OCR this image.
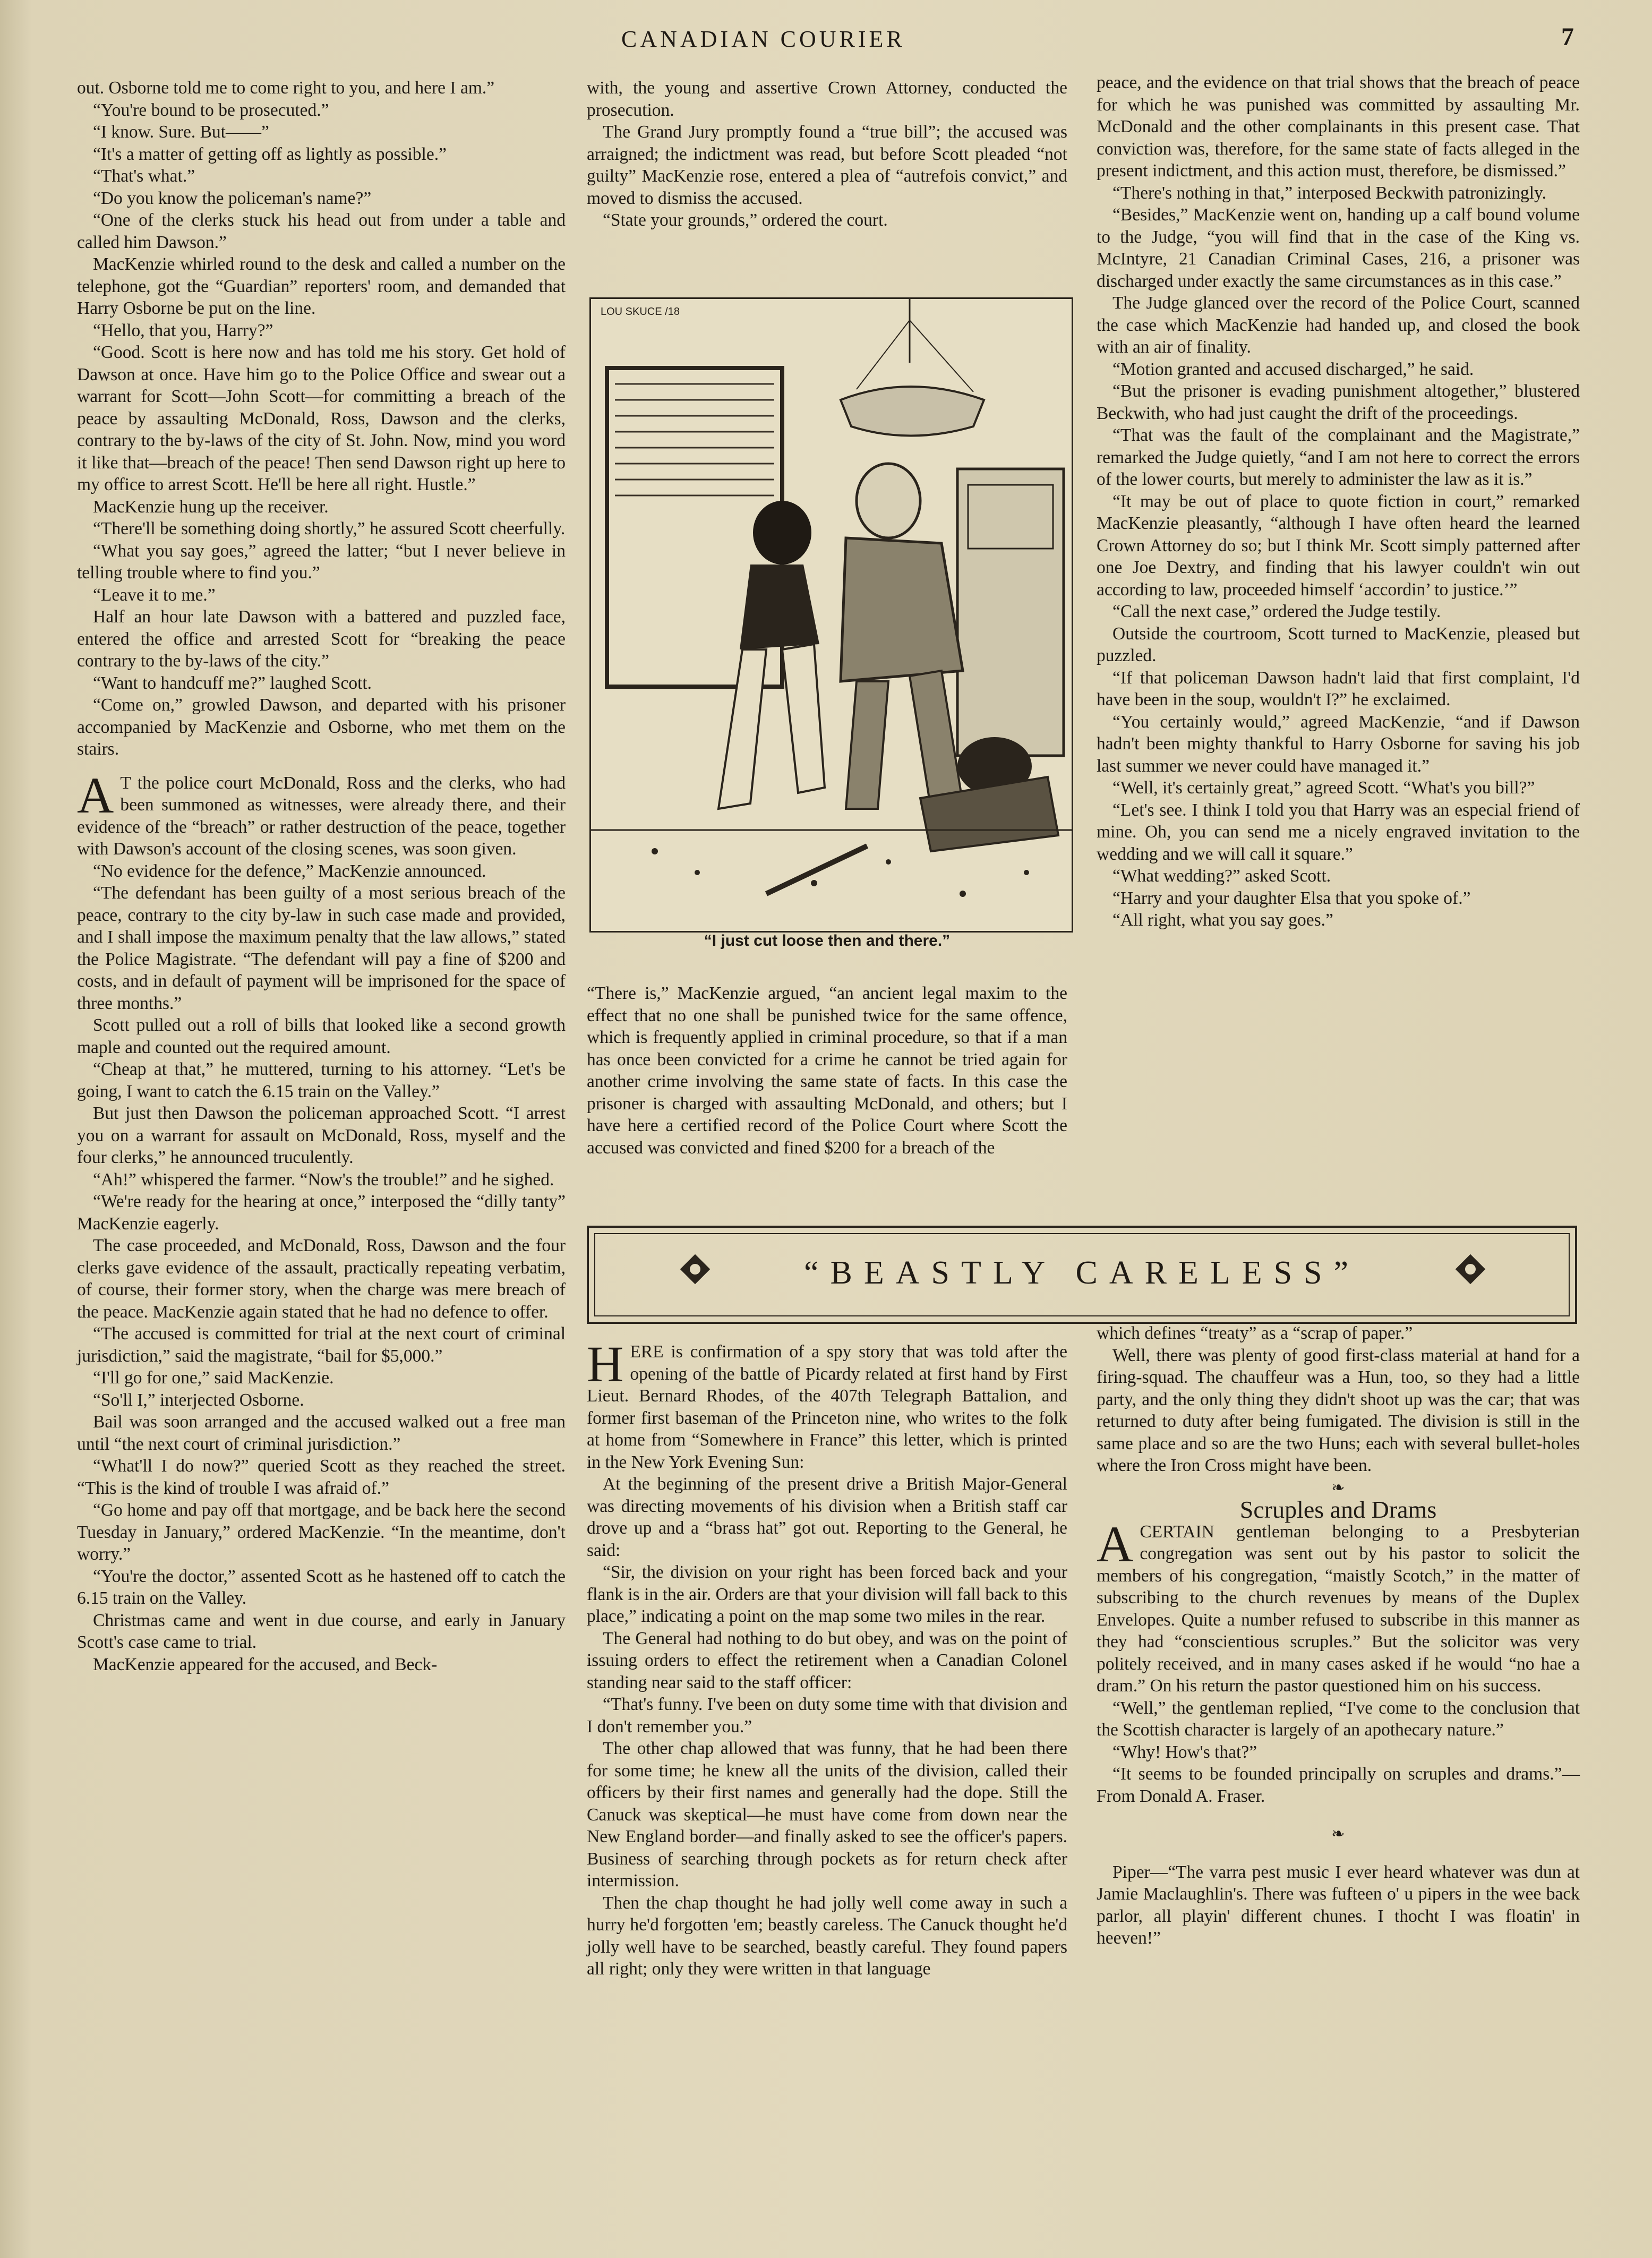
CANADIAN COURIER	7

out. Osborne told me to come right to you, and here I am.”

“You're bound to be prosecuted.”

“I know. Sure. But——”

“It's a matter of getting off as lightly as possible.”

“That's what.”

“Do you know the policeman's name?”

“One of the clerks stuck his head out from under a table and called him Dawson.”

MacKenzie whirled round to the desk and called a number on the telephone, got the “Guardian” reporters' room, and demanded that Harry Osborne be put on the line.

“Hello, that you, Harry?”

“Good. Scott is here now and has told me his story. Get hold of Dawson at once. Have him go to the Police Office and swear out a warrant for Scott—John Scott—for committing a breach of the peace by assaulting McDonald, Ross, Dawson and the clerks, contrary to the by-laws of the city of St. John. Now, mind you word it like that—breach of the peace! Then send Dawson right up here to my office to arrest Scott. He'll be here all right. Hustle.”

MacKenzie hung up the receiver.

“There'll be something doing shortly,” he assured Scott cheerfully.

“What you say goes,” agreed the latter; “but I never believe in telling trouble where to find you.”

“Leave it to me.”

Half an hour late Dawson with a battered and puzzled face, entered the office and arrested Scott for “breaking the peace contrary to the by-laws of the city.”

“Want to handcuff me?” laughed Scott.

“Come on,” growled Dawson, and departed with his prisoner accompanied by MacKenzie and Osborne, who met them on the stairs.

A T the police court McDonald, Ross and the clerks, who had been summoned as witnesses, were already there, and their evidence of the “breach” or rather destruction of the peace, together with Dawson's account of the closing scenes, was soon given.

“No evidence for the defence,” MacKenzie announced.

“The defendant has been guilty of a most serious breach of the peace, contrary to the city by-law in such case made and provided, and I shall impose the maximum penalty that the law allows,” stated the Police Magistrate. “The defendant will pay a fine of $200 and costs, and in default of payment will be imprisoned for the space of three months.”

Scott pulled out a roll of bills that looked like a second growth maple and counted out the required amount.

“Cheap at that,” he muttered, turning to his attorney. “Let's be going, I want to catch the 6.15 train on the Valley.”

But just then Dawson the policeman approached Scott. “I arrest you on a warrant for assault on McDonald, Ross, myself and the four clerks,” he announced truculently.

“Ah!” whispered the farmer. “Now's the trouble!” and he sighed.

“We're ready for the hearing at once,” interposed the “dilly tanty” MacKenzie eagerly.

The case proceeded, and McDonald, Ross, Dawson and the four clerks gave evidence of the assault, practically repeating verbatim, of course, their former story, when the charge was mere breach of the peace. MacKenzie again stated that he had no defence to offer.

“The accused is committed for trial at the next court of criminal jurisdiction,” said the magistrate, “bail for $5,000.”

“I'll go for one,” said MacKenzie.

“So'll I,” interjected Osborne.

Bail was soon arranged and the accused walked out a free man until “the next court of criminal jurisdiction.”

“What'll I do now?” queried Scott as they reached the street. “This is the kind of trouble I was afraid of.”

“Go home and pay off that mortgage, and be back here the second Tuesday in January,” ordered MacKenzie. “In the meantime, don't worry.”

“You're the doctor,” assented Scott as he hastened off to catch the 6.15 train on the Valley.

Christmas came and went in due course, and early in January Scott's case came to trial.

MacKenzie appeared for the accused, and Beck-

with, the young and assertive Crown Attorney, conducted the prosecution.

The Grand Jury promptly found a “true bill”; the accused was arraigned; the indictment was read, but before Scott pleaded “not guilty” MacKenzie rose, entered a plea of “autrefois convict,” and moved to dismiss the accused.

“State your grounds,” ordered the court.

LOU SKUCE /18
“I just cut loose then and there.”

“There is,” MacKenzie argued, “an ancient legal maxim to the effect that no one shall be punished twice for the same offence, which is frequently applied in criminal procedure, so that if a man has once been convicted for a crime he cannot be tried again for another crime involving the same state of facts. In this case the prisoner is charged with assaulting McDonald, and others; but I have here a certified record of the Police Court where Scott the accused was convicted and fined $200 for a breach of the

peace, and the evidence on that trial shows that the breach of peace for which he was punished was committed by assaulting Mr. McDonald and the other complainants in this present case. That conviction was, therefore, for the same state of facts alleged in the present indictment, and this action must, therefore, be dismissed.”

“There's nothing in that,” interposed Beckwith patronizingly.

“Besides,” MacKenzie went on, handing up a calf bound volume to the Judge, “you will find that in the case of the King vs. McIntyre, 21 Canadian Criminal Cases, 216, a prisoner was discharged under exactly the same circumstances as in this case.”

The Judge glanced over the record of the Police Court, scanned the case which MacKenzie had handed up, and closed the book with an air of finality.

“Motion granted and accused discharged,” he said.

“But the prisoner is evading punishment altogether,” blustered Beckwith, who had just caught the drift of the proceedings.

“That was the fault of the complainant and the Magistrate,” remarked the Judge quietly, “and I am not here to correct the errors of the lower courts, but merely to administer the law as it is.”

“It may be out of place to quote fiction in court,” remarked MacKenzie pleasantly, “although I have often heard the learned Crown Attorney do so; but I think Mr. Scott simply patterned after one Joe Dextry, and finding that his lawyer couldn't win out according to law, proceeded himself ‘accordin’ to justice.’”

“Call the next case,” ordered the Judge testily.

Outside the courtroom, Scott turned to MacKenzie, pleased but puzzled.

“If that policeman Dawson hadn't laid that first complaint, I'd have been in the soup, wouldn't I?” he exclaimed.

“You certainly would,” agreed MacKenzie, “and if Dawson hadn't been mighty thankful to Harry Osborne for saving his job last summer we never could have managed it.”

“Well, it's certainly great,” agreed Scott. “What's you bill?”

“Let's see. I think I told you that Harry was an especial friend of mine. Oh, you can send me a nicely engraved invitation to the wedding and we will call it square.”

“What wedding?” asked Scott.

“Harry and your daughter Elsa that you spoke of.”

“All right, what you say goes.”

“BEASTLY CARELESS”

HERE is confirmation of a spy story that was told after the opening of the battle of Picardy related at first hand by First Lieut. Bernard Rhodes, of the 407th Telegraph Battalion, and former first baseman of the Princeton nine, who writes to the folk at home from “Somewhere in France” this letter, which is printed in the New York Evening Sun:

At the beginning of the present drive a British Major-General was directing movements of his division when a British staff car drove up and a “brass hat” got out. Reporting to the General, he said:

“Sir, the division on your right has been forced back and your flank is in the air. Orders are that your division will fall back to this place,” indicating a point on the map some two miles in the rear.

The General had nothing to do but obey, and was on the point of issuing orders to effect the retirement when a Canadian Colonel standing near said to the staff officer:

“That's funny. I've been on duty some time with that division and I don't remember you.”

The other chap allowed that was funny, that he had been there for some time; he knew all the units of the division, called their officers by their first names and generally had the dope. Still the Canuck was skeptical—he must have come from down near the New England border—and finally asked to see the officer's papers. Business of searching through pockets as for return check after intermission.

Then the chap thought he had jolly well come away in such a hurry he'd forgotten 'em; beastly careless. The Canuck thought he'd jolly well have to be searched, beastly careful. They found papers all right; only they were written in that language

which defines “treaty” as a “scrap of paper.”

Well, there was plenty of good first-class material at hand for a firing-squad. The chauffeur was a Hun, too, so they had a little party, and the only thing they didn't shoot up was the car; that was returned to duty after being fumigated. The division is still in the same place and so are the two Huns; each with several bullet-holes where the Iron Cross might have been.

❧

Scruples and Drams

ACERTAIN gentleman belonging to a Presbyterian congregation was sent out by his pastor to solicit the members of his congregation, “maistly Scotch,” in the matter of subscribing to the church revenues by means of the Duplex Envelopes. Quite a number refused to subscribe in this manner as they had “conscientious scruples.” But the solicitor was very politely received, and in many cases asked if he would “no hae a dram.” On his return the pastor questioned him on his success.

“Well,” the gentleman replied, “I've come to the conclusion that the Scottish character is largely of an apothecary nature.”

“Why! How's that?”

“It seems to be founded principally on scruples and drams.”—From Donald A. Fraser.

❧

Piper—“The varra pest music I ever heard whatever was dun at Jamie Maclaughlin's. There was fufteen o' u pipers in the wee back parlor, all playin' different chunes. I thocht I was floatin' in heeven!”
